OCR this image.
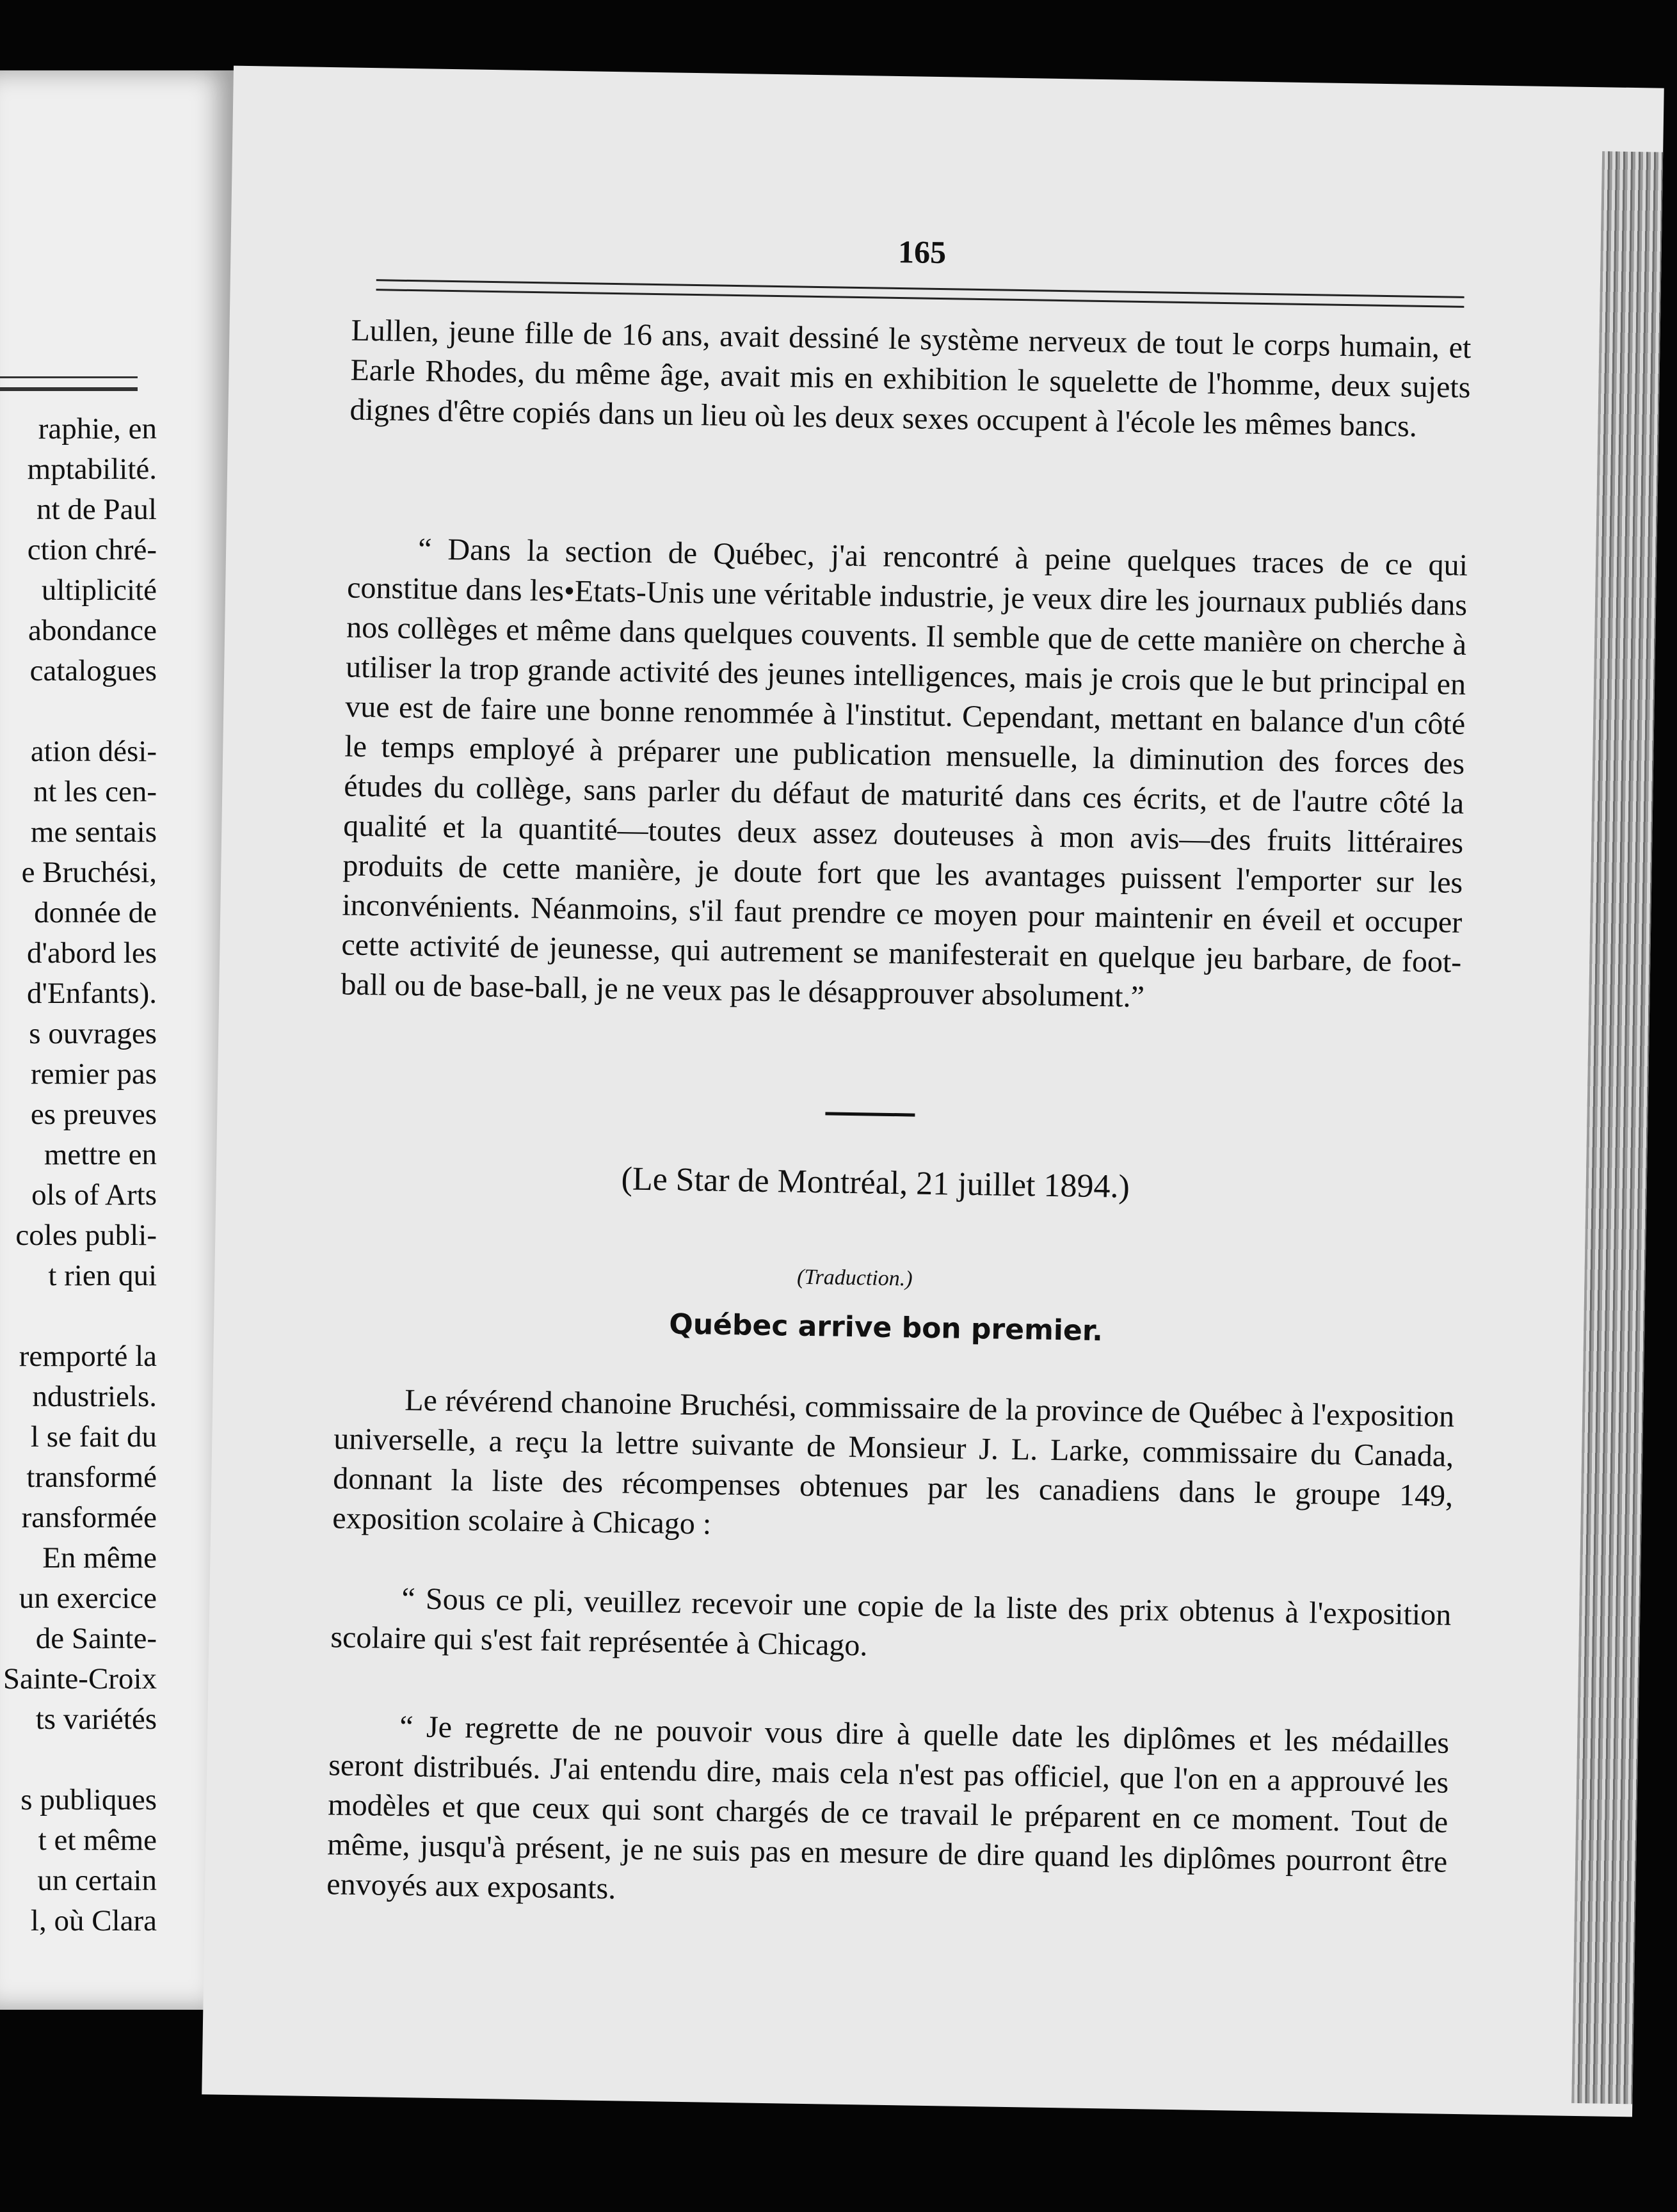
raphie, en
mptabilité.
nt de Paul
ction chré-
ultiplicité
abondance
catalogues
ation dési-
nt les cen-
me sentais
e Bruchési,
donnée de
d'abord les
d'Enfants).
s ouvrages
remier pas
es preuves
mettre en
ols of Arts
coles publi-
t rien qui
remporté la
ndustriels.
l se fait du
transformé
ransformée
En même
un exercice
de Sainte-
Sainte-Croix
ts variétés
s publiques
t et même
un certain
l, où Clara
165

Lullen, jeune fille de 16 ans, avait dessiné le système nerveux de tout le corps humain, et Earle Rhodes, du même âge, avait mis en exhibition le squelette de l'homme, deux sujets dignes d'être copiés dans un lieu où les deux sexes occupent à l'école les mêmes bancs.

“ Dans la section de Québec, j'ai rencontré à peine quelques traces de ce qui constitue dans les•Etats-Unis une véritable industrie, je veux dire les journaux publiés dans nos collèges et même dans quelques couvents. Il semble que de cette manière on cherche à utiliser la trop grande activité des jeunes intelligences, mais je crois que le but principal en vue est de faire une bonne renommée à l'institut. Cependant, mettant en balance d'un côté le temps employé à préparer une publication mensuelle, la diminution des forces des études du collège, sans parler du défaut de maturité dans ces écrits, et de l'autre côté la qualité et la quantité—toutes deux assez douteuses à mon avis—des fruits littéraires produits de cette manière, je doute fort que les avantages puissent l'emporter sur les inconvénients. Néanmoins, s'il faut prendre ce moyen pour maintenir en éveil et occuper cette activité de jeunesse, qui autrement se manifesterait en quelque jeu barbare, de foot-ball ou de base-ball, je ne veux pas le désapprouver absolument.”

(Le Star de Montréal, 21 juillet 1894.)
(Traduction.)
Québec arrive bon premier.

Le révérend chanoine Bruchési, commissaire de la province de Québec à l'exposition universelle, a reçu la lettre suivante de Monsieur J. L. Larke, commissaire du Canada, donnant la liste des récompenses obtenues par les canadiens dans le groupe 149, exposition scolaire à Chicago :

“ Sous ce pli, veuillez recevoir une copie de la liste des prix obtenus à l'exposition scolaire qui s'est fait représentée à Chicago.

“ Je regrette de ne pouvoir vous dire à quelle date les diplômes et les médailles seront distribués. J'ai entendu dire, mais cela n'est pas officiel, que l'on en a approuvé les modèles et que ceux qui sont chargés de ce travail le préparent en ce moment. Tout de même, jusqu'à présent, je ne suis pas en mesure de dire quand les diplômes pourront être envoyés aux exposants.
